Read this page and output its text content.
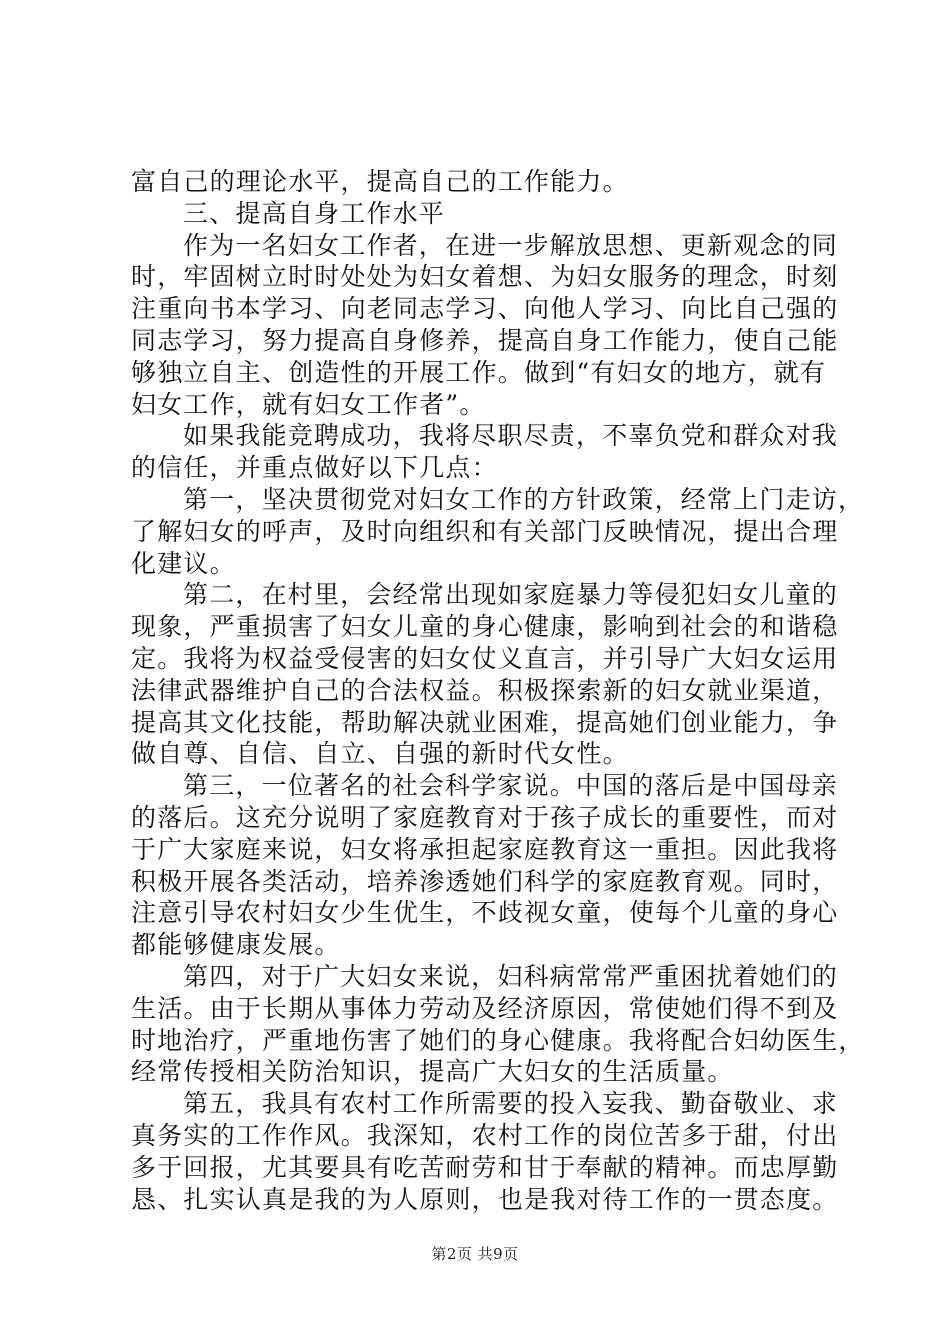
富自己的理论水平，提高自己的工作能力。
三、提高自身工作水平
作为一名妇女工作者，在进一步解放思想、更新观念的同
时，牢固树立时时处处为妇女着想、为妇女服务的理念，时刻
注重向书本学习、向老同志学习、向他人学习、向比自己强的
同志学习，努力提高自身修养，提高自身工作能力，使自己能
够独立自主、创造性的开展工作。做到“有妇女的地方，就有
妇女工作，就有妇女工作者”。
如果我能竞聘成功，我将尽职尽责，不辜负党和群众对我
的信任，并重点做好以下几点：
第一，坚决贯彻党对妇女工作的方针政策，经常上门走访，
了解妇女的呼声，及时向组织和有关部门反映情况，提出合理
化建议。
第二，在村里，会经常出现如家庭暴力等侵犯妇女儿童的
现象，严重损害了妇女儿童的身心健康，影响到社会的和谐稳
定。我将为权益受侵害的妇女仗义直言，并引导广大妇女运用
法律武器维护自己的合法权益。积极探索新的妇女就业渠道，
提高其文化技能，帮助解决就业困难，提高她们创业能力，争
做自尊、自信、自立、自强的新时代女性。
第三，一位著名的社会科学家说。中国的落后是中国母亲
的落后。这充分说明了家庭教育对于孩子成长的重要性，而对
于广大家庭来说，妇女将承担起家庭教育这一重担。因此我将
积极开展各类活动，培养渗透她们科学的家庭教育观。同时，
注意引导农村妇女少生优生，不歧视女童，使每个儿童的身心
都能够健康发展。
第四，对于广大妇女来说，妇科病常常严重困扰着她们的
生活。由于长期从事体力劳动及经济原因，常使她们得不到及
时地治疗，严重地伤害了她们的身心健康。我将配合妇幼医生，
经常传授相关防治知识，提高广大妇女的生活质量。
第五，我具有农村工作所需要的投入妄我、勤奋敬业、求
真务实的工作作风。我深知，农村工作的岗位苦多于甜，付出
多于回报，尤其要具有吃苦耐劳和甘于奉献的精神。而忠厚勤
恳、扎实认真是我的为人原则，也是我对待工作的一贯态度。
第2页 共9页
